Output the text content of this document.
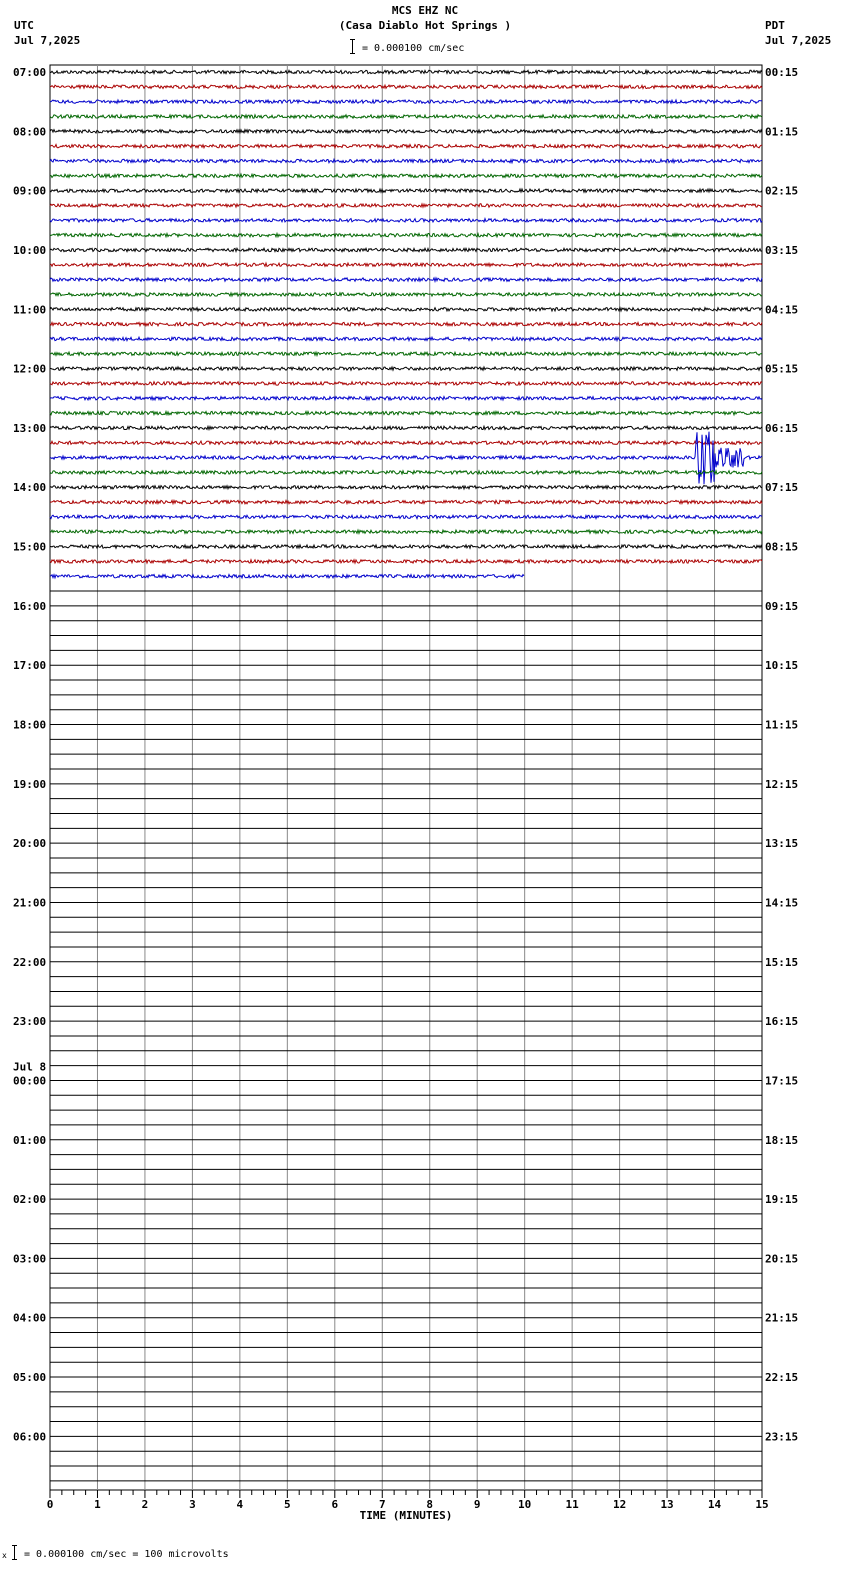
MCS EHZ NC
(Casa Diablo Hot Springs )
= 0.000100 cm/sec
UTC
Jul 7,2025
PDT
Jul 7,2025
07:00
08:00
09:00
10:00
11:00
12:00
13:00
14:00
15:00
16:00
17:00
18:00
19:00
20:00
21:00
22:00
23:00
00:00
Jul 8
01:00
02:00
03:00
04:00
05:00
06:00
00:15
01:15
02:15
03:15
04:15
05:15
06:15
07:15
08:15
09:15
10:15
11:15
12:15
13:15
14:15
15:15
16:15
17:15
18:15
19:15
20:15
21:15
22:15
23:15
0	1	2	3	4	5	6	7	8	9	10	11	12	13	14	15
TIME (MINUTES)
x = 0.000100 cm/sec = 100 microvolts
